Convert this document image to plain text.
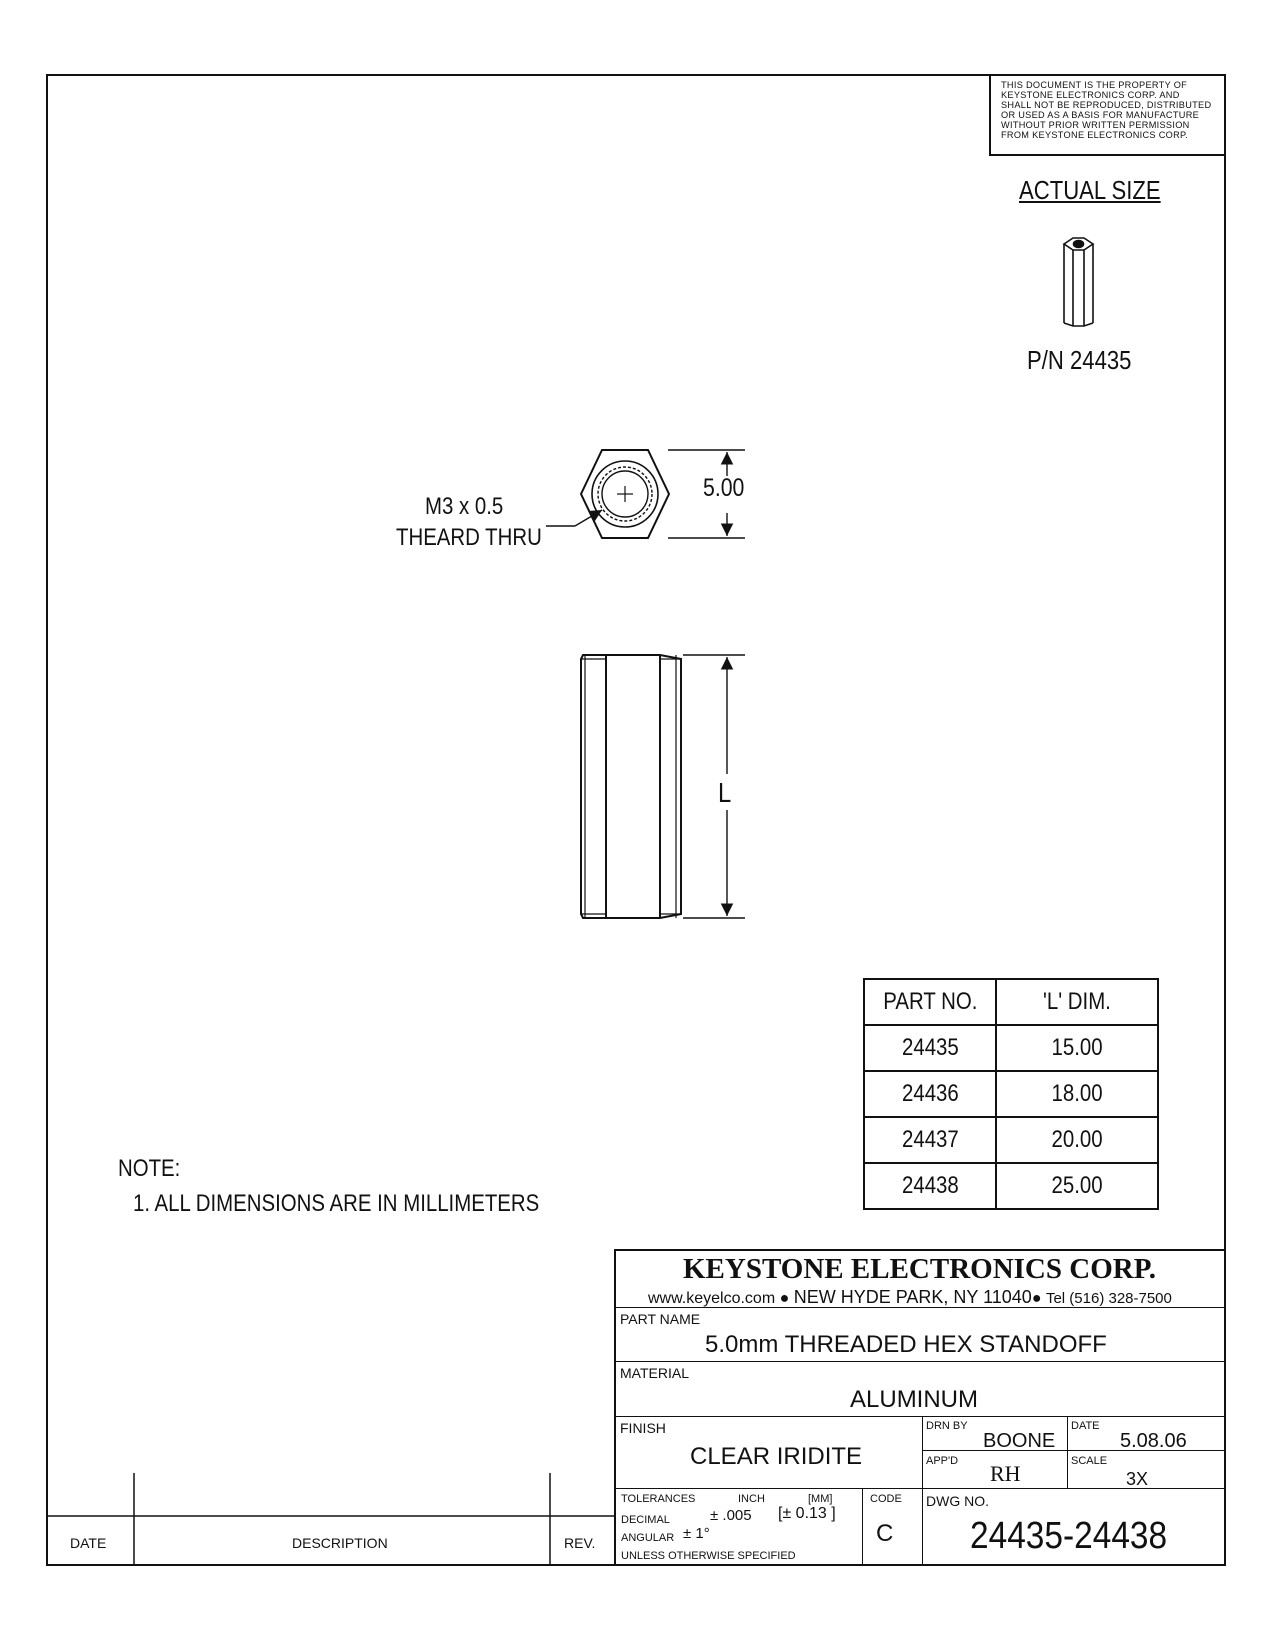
THIS DOCUMENT IS THE PROPERTY OF
KEYSTONE ELECTRONICS CORP. AND
SHALL NOT BE REPRODUCED, DISTRIBUTED
OR USED AS A BASIS FOR MANUFACTURE
WITHOUT PRIOR WRITTEN PERMISSION
FROM KEYSTONE ELECTRONICS CORP.
ACTUAL SIZE
P/N 24435
M3 x 0.5
THEARD THRU
5.00
L
NOTE:
1. ALL DIMENSIONS ARE IN MILLIMETERS
PART NO.	'L' DIM.
24435	15.00
24436	18.00
24437	20.00
24438	25.00
DATE	DESCRIPTION	REV.
KEYSTONE ELECTRONICS CORP.
www.keyelco.com ● NEW HYDE PARK, NY 11040● Tel (516) 328-7500
PART NAME
5.0mm THREADED HEX STANDOFF
MATERIAL
ALUMINUM
FINISH
CLEAR IRIDITE
DRN BY
BOONE
DATE
5.08.06
APP'D RH	SCALE
3X
TOLERANCES	INCH	[MM]
DECIMAL	± .005 [± 0.13 ]
ANGULAR ± 1°
UNLESS OTHERWISE SPECIFIED
CODE
C
DWG NO.
24435-24438
